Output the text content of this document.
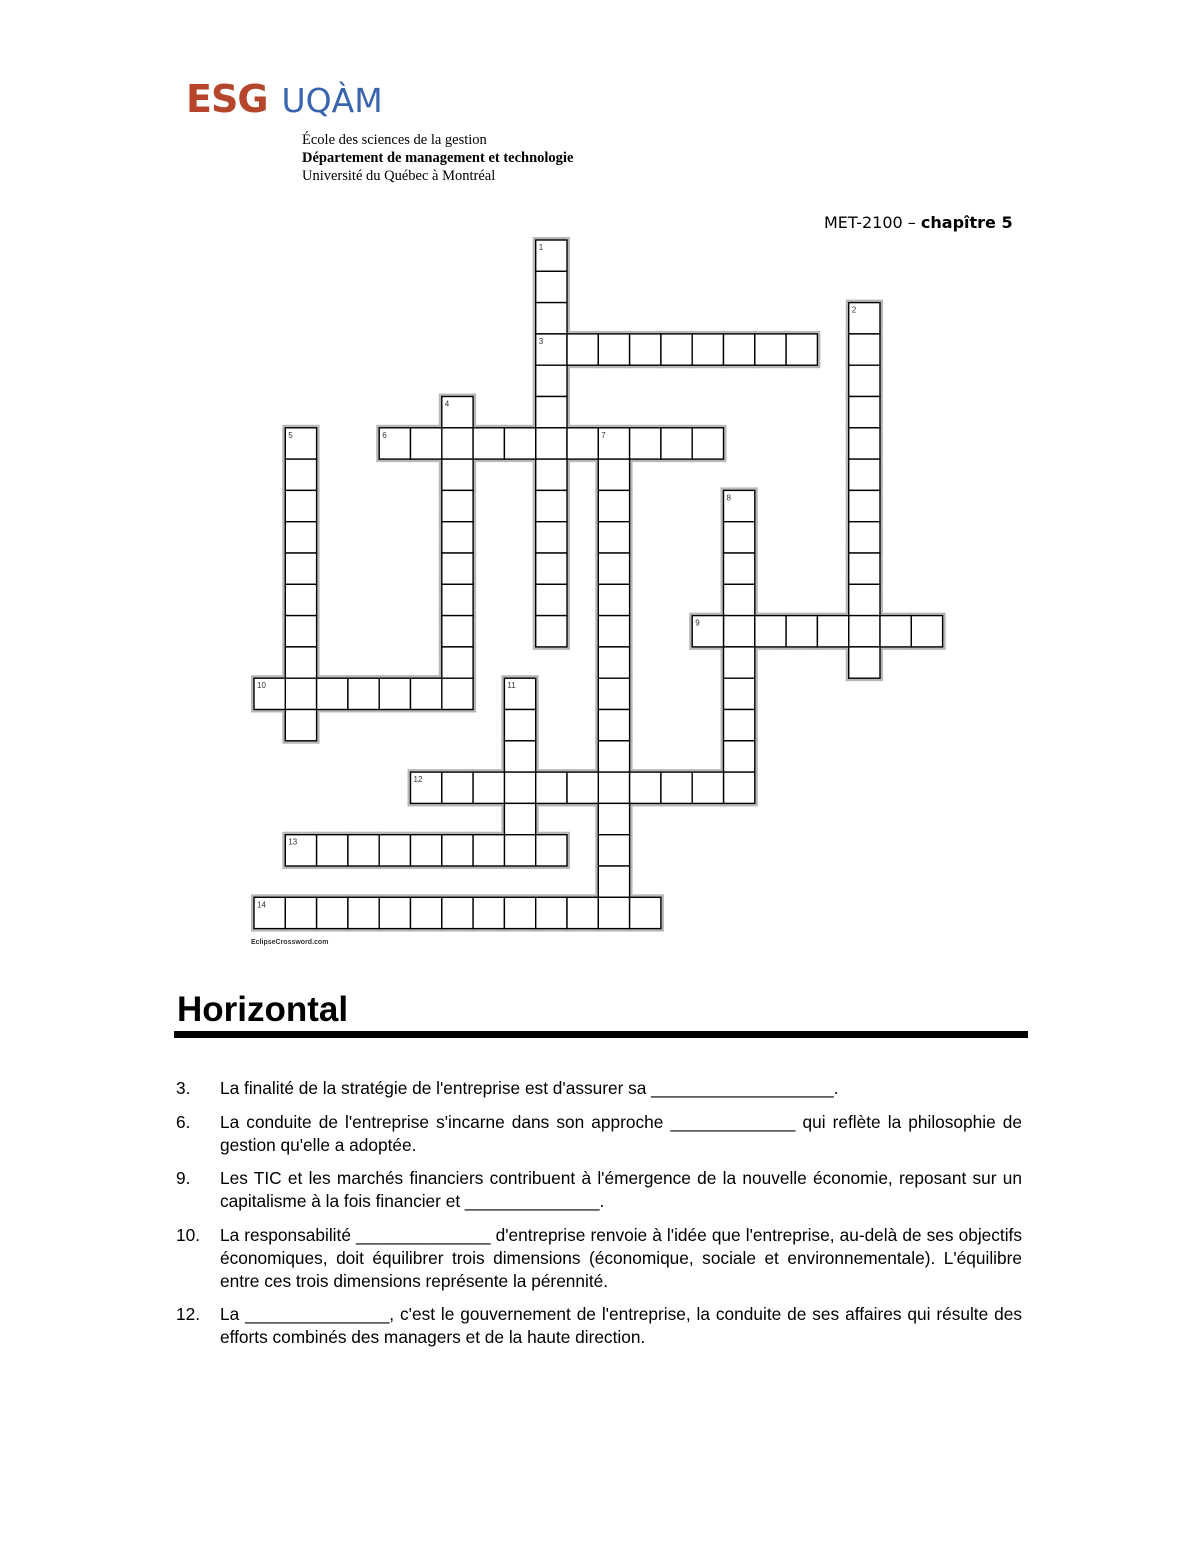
ESG UQÀM
École des sciences de la gestion
Département de management et technologie
Université du Québec à Montréal
MET-2100 – chapître 5
1
2
3
4
5	6	7
8
9
10	11
12
13
14
EclipseCrossword.com
Horizontal
3. La finalité de la stratégie de l'entreprise est d'assurer sa ___________________.
6. La conduite de l'entreprise s'incarne dans son approche _____________ qui reflète la philosophie de gestion qu'elle a adoptée.
9. Les TIC et les marchés financiers contribuent à l'émergence de la nouvelle économie, reposant sur un capitalisme à la fois financier et ______________.
10. La responsabilité ______________ d'entreprise renvoie à l'idée que l'entreprise, au-delà de ses objectifs économiques, doit équilibrer trois dimensions (économique, sociale et environnementale). L'équilibre entre ces trois dimensions représente la pérennité.
12. La _______________, c'est le gouvernement de l'entreprise, la conduite de ses affaires qui résulte des efforts combinés des managers et de la haute direction.
